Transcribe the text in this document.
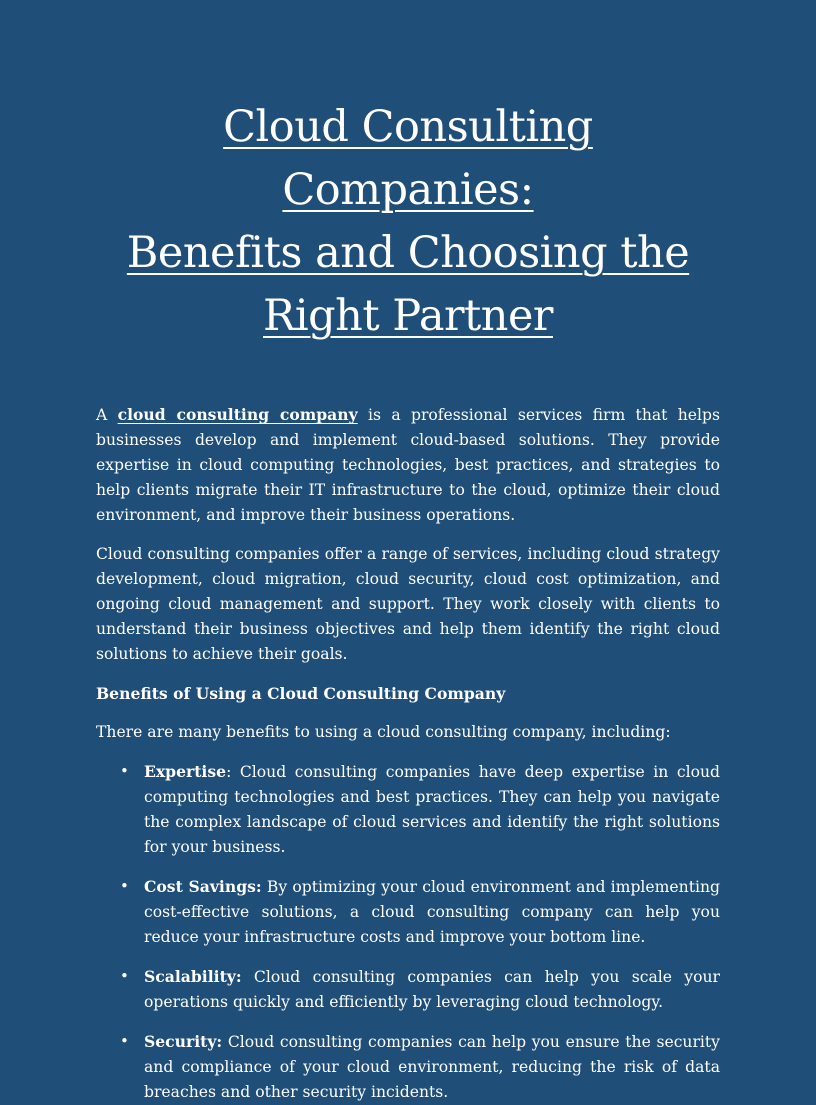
Cloud Consulting Companies:
Benefits and Choosing the
Right Partner

A cloud consulting company is a professional services firm that helps businesses develop and implement cloud-based solutions. They provide expertise in cloud computing technologies, best practices, and strategies to help clients migrate their IT infrastructure to the cloud, optimize their cloud environment, and improve their business operations.

Cloud consulting companies offer a range of services, including cloud strategy development, cloud migration, cloud security, cloud cost optimization, and ongoing cloud management and support. They work closely with clients to understand their business objectives and help them identify the right cloud solutions to achieve their goals.

Benefits of Using a Cloud Consulting Company

There are many benefits to using a cloud consulting company, including:

• Expertise: Cloud consulting companies have deep expertise in cloud computing technologies and best practices. They can help you navigate the complex landscape of cloud services and identify the right solutions for your business.
• Cost Savings: By optimizing your cloud environment and implementing cost-effective solutions, a cloud consulting company can help you reduce your infrastructure costs and improve your bottom line.
• Scalability: Cloud consulting companies can help you scale your operations quickly and efficiently by leveraging cloud technology.
• Security: Cloud consulting companies can help you ensure the security and compliance of your cloud environment, reducing the risk of data breaches and other security incidents.
